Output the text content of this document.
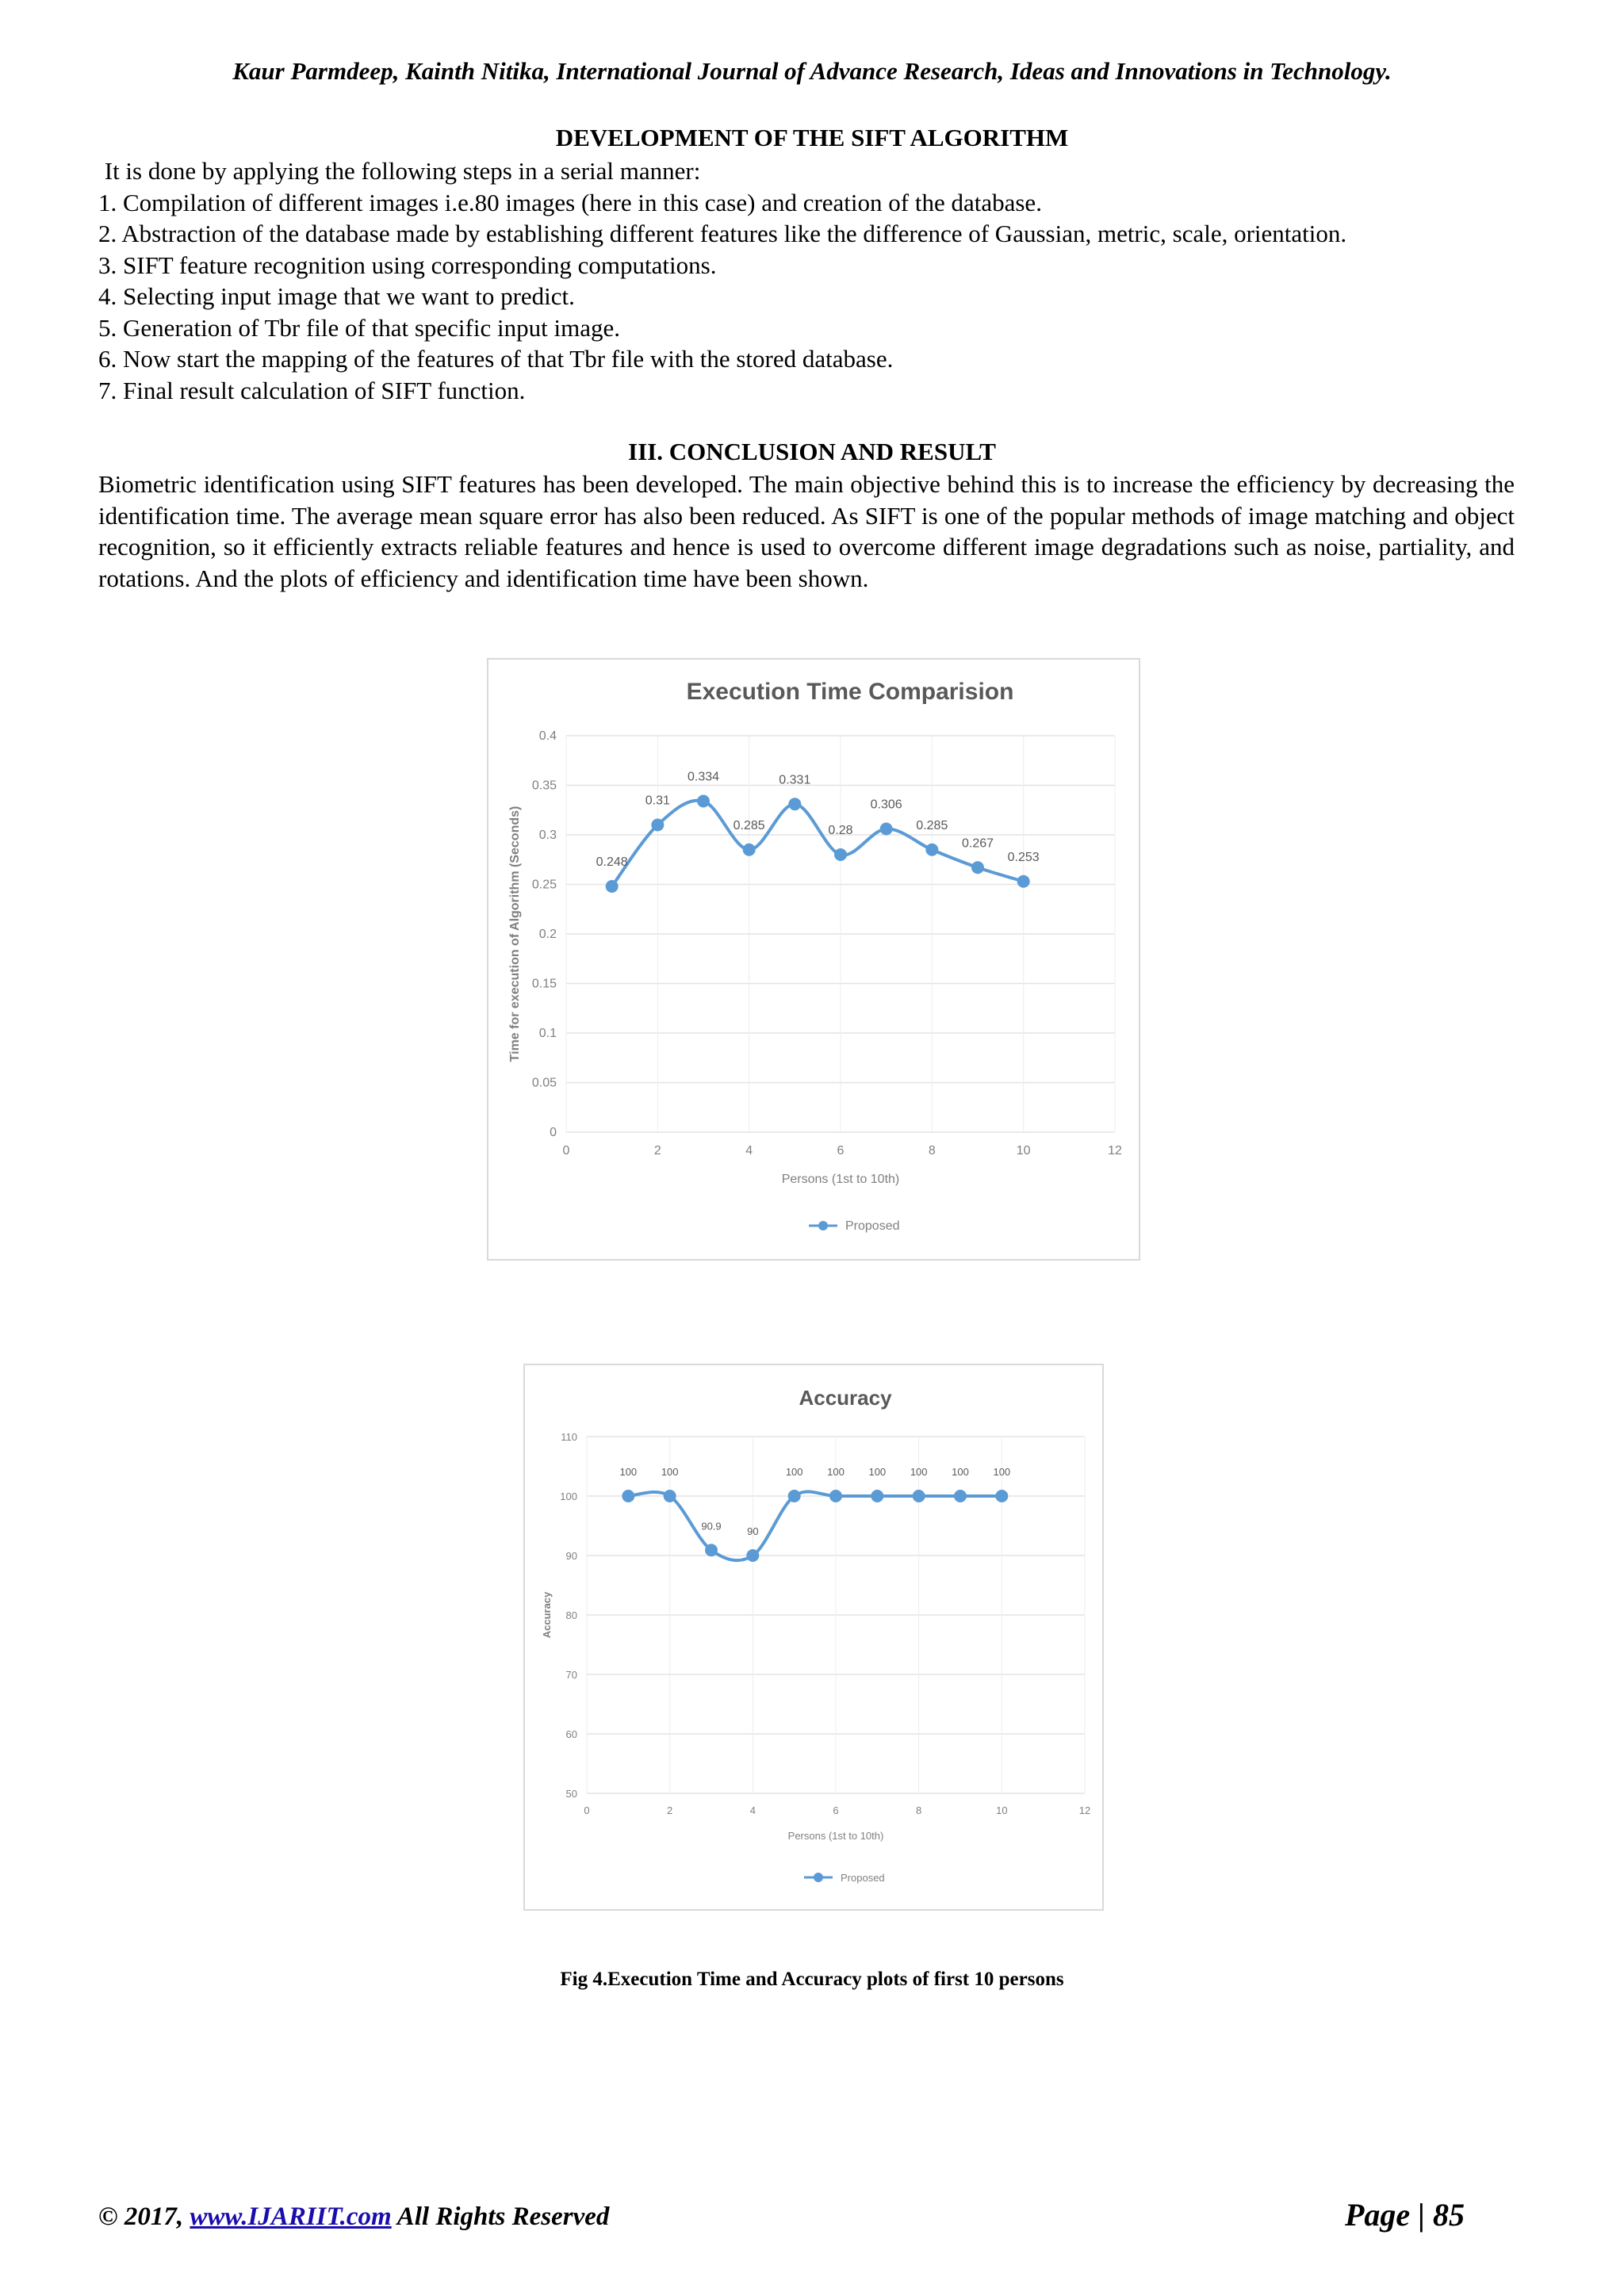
Kaur Parmdeep, Kainth Nitika, International Journal of Advance Research, Ideas and Innovations in Technology.
DEVELOPMENT OF THE SIFT ALGORITHM

It is done by applying the following steps in a serial manner:

1. Compilation of different images i.e.80 images (here in this case) and creation of the database.

2. Abstraction of the database made by establishing different features like the difference of Gaussian, metric, scale, orientation.

3. SIFT feature recognition using corresponding computations.

4. Selecting input image that we want to predict.

5. Generation of Tbr file of that specific input image.

6. Now start the mapping of the features of that Tbr file with the stored database.

7. Final result calculation of SIFT function.

III. CONCLUSION AND RESULT
Biometric identification using SIFT features has been developed. The main objective behind this is to increase the efficiency by decreasing the identification time. The average mean square error has also been reduced. As SIFT is one of the popular methods of image matching and object recognition, so it efficiently extracts reliable features and hence is used to overcome different image degradations such as noise, partiality, and rotations. And the plots of efficiency and identification time have been shown.
Execution Time Comparision
0
0.05
0.1
0.15
0.2
0.25
0.3
0.35
0.4
0	2	4	6	8	10	12
Persons (1st to 10th)
Time for execution of Algorithm (Seconds)	0.248
0.31
0.334
0.285
0.331
0.28
0.306
0.285
0.267
0.253
Proposed
Accuracy
50
60
70
80
90
100
110
0	2	4	6	8	10	12
Persons (1st to 10th)
Accuracy
100 100
90.9 90
100 100 100 100 100 100
Proposed
Fig 4.Execution Time and Accuracy plots of first 10 persons
© 2017, www.IJARIIT.com All Rights Reserved	Page | 85
